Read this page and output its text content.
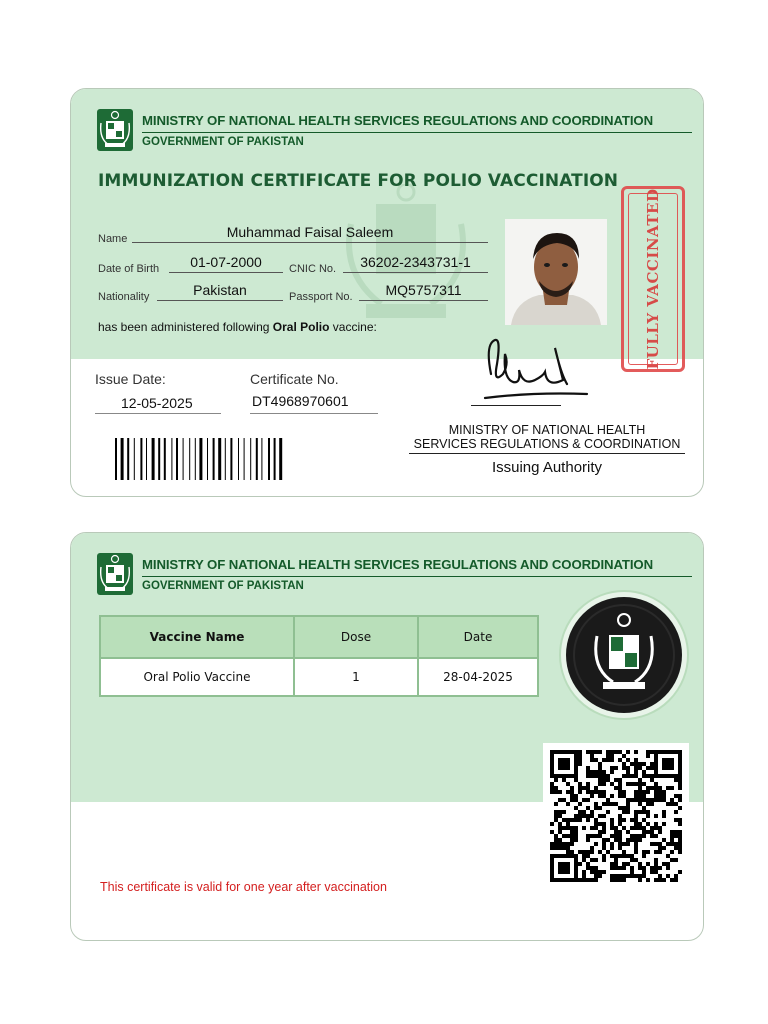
MINISTRY OF NATIONAL HEALTH SERVICES REGULATIONS AND COORDINATION
GOVERNMENT OF PAKISTAN
IMMUNIZATION CERTIFICATE FOR POLIO VACCINATION
Name	Muhammad Faisal Saleem
Date of Birth	01-07-2000	CNIC No.	36202-2343731-1
Nationality	Pakistan	Passport No.	MQ5757311
has been administered following Oral Polio vaccine:	FULLY VACCINATED
Issue Date:
12-05-2025
Certificate No.
DT4968970601
MINISTRY OF NATIONAL HEALTH
SERVICES REGULATIONS & COORDINATION
Issuing Authority
MINISTRY OF NATIONAL HEALTH SERVICES REGULATIONS AND COORDINATION
GOVERNMENT OF PAKISTAN
Vaccine Name	Dose	Date
Oral Polio Vaccine	1	28-04-2025
This certificate is valid for one year after vaccination
